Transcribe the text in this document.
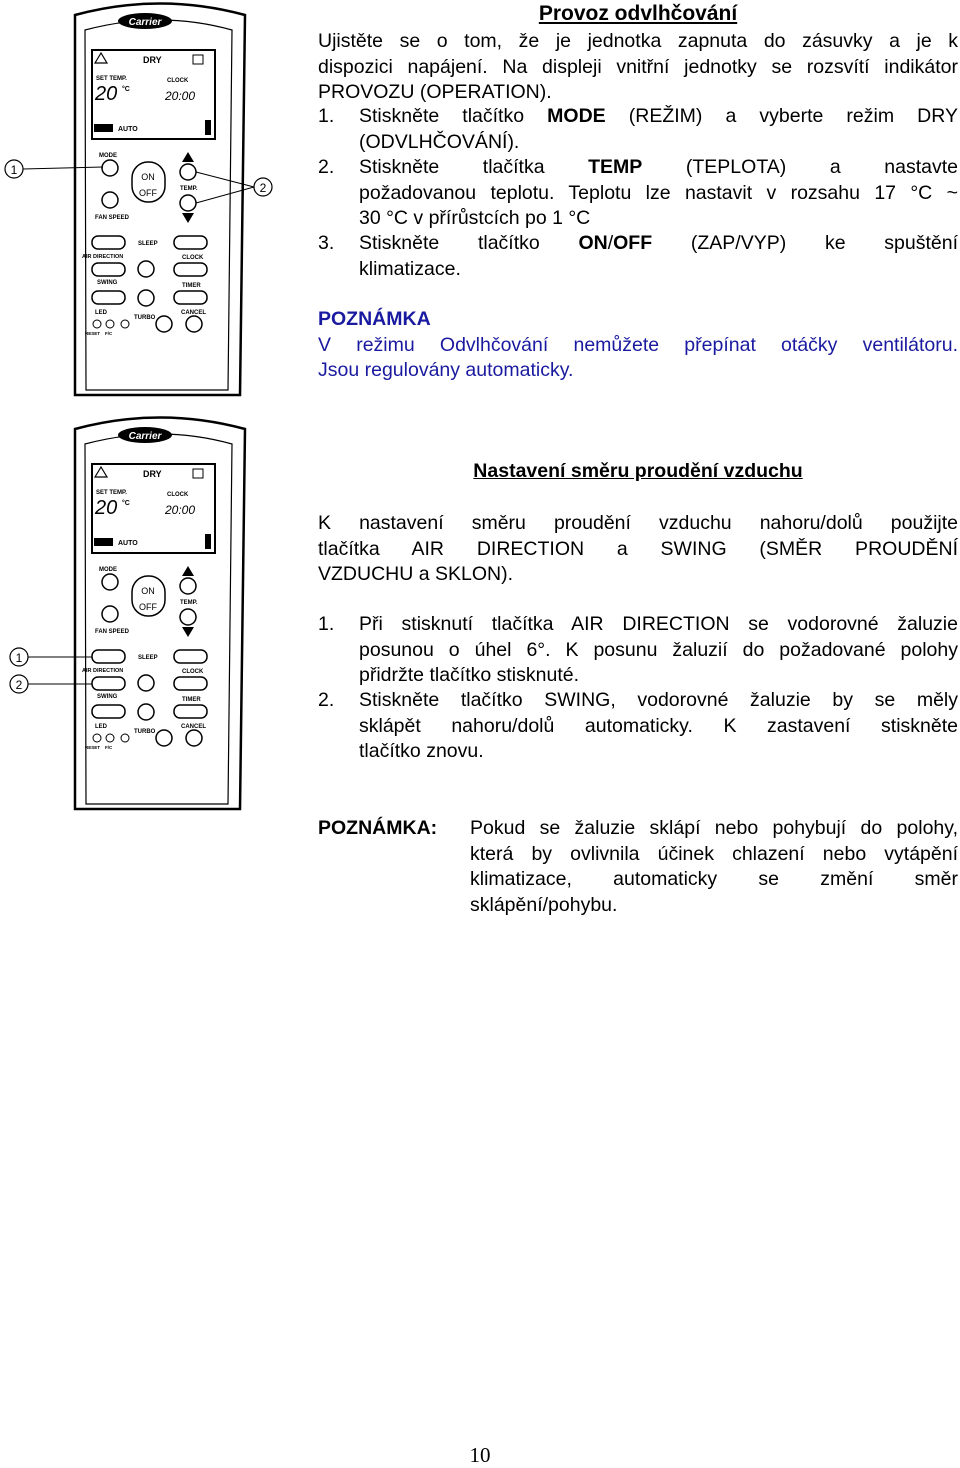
Carrier
DRY
SET TEMP.
20 °C
CLOCK
20:00
AUTO
MODE
ON
OFF	TEMP.
FAN SPEED
AIR DIRECTION
SLEEP
CLOCK
SWING	TIMER
LED
TURBO
CANCEL
RESET F/C
1
2
Carrier
DRY
SET TEMP.
20 °C
CLOCK
20:00
AUTO
MODE
ON
OFF	TEMP.
FAN SPEED
AIR DIRECTION
SLEEP
CLOCK
SWING	TIMER
LED
TURBO
CANCEL
RESET F/C
1
2
Provoz odvlhčování
Ujistěte se o tom, že je jednotka zapnuta do zásuvky a je k
dispozici napájení. Na displeji vnitřní jednotky se rozsvítí indikátor
PROVOZU (OPERATION).
1. Stiskněte tlačítko MODE (REŽIM) a vyberte režim DRY
(ODVLHČOVÁNÍ).
2. Stiskněte tlačítka TEMP (TEPLOTA) a nastavte
požadovanou teplotu. Teplotu lze nastavit v rozsahu 17 °C ~
30 °C v přírůstcích po 1 °C
3. Stiskněte tlačítko ON/OFF (ZAP/VYP) ke spuštění
klimatizace.
POZNÁMKA
V režimu Odvlhčování nemůžete přepínat otáčky ventilátoru.
Jsou regulovány automaticky.
Nastavení směru proudění vzduchu
K nastavení směru proudění vzduchu nahoru/dolů použijte
tlačítka AIR DIRECTION a SWING (SMĚR PROUDĚNÍ
VZDUCHU a SKLON).
1. Při stisknutí tlačítka AIR DIRECTION se vodorovné žaluzie
posunou o úhel 6°. K posunu žaluzií do požadované polohy
přidržte tlačítko stisknuté.
2. Stiskněte tlačítko SWING, vodorovné žaluzie by se měly
sklápět nahoru/dolů automaticky. K zastavení stiskněte
tlačítko znovu.
POZNÁMKA: Pokud se žaluzie sklápí nebo pohybují do polohy,
která by ovlivnila účinek chlazení nebo vytápění
klimatizace, automaticky se změní směr
sklápění/pohybu.
10
